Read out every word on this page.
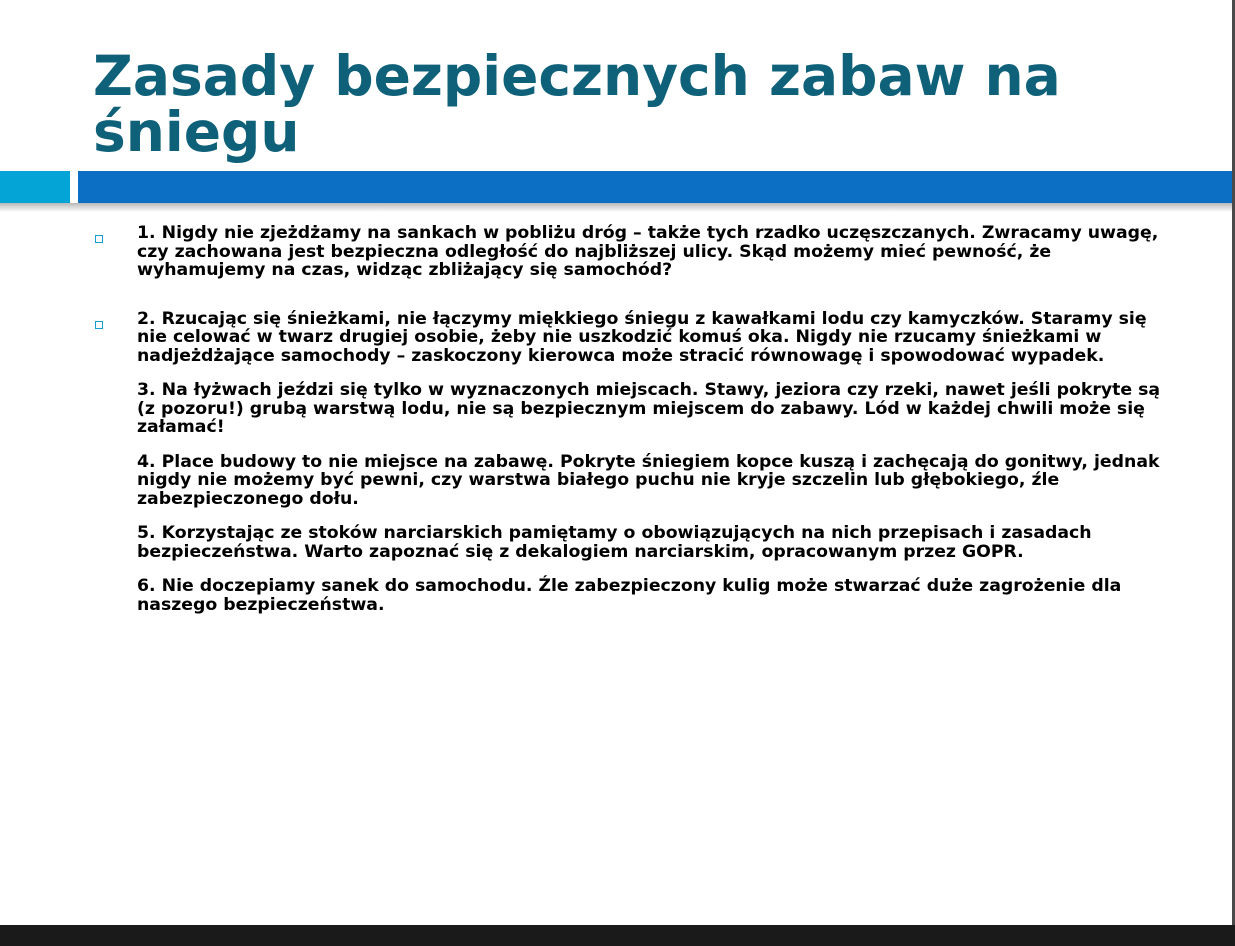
Zasady bezpiecznych zabaw na śniegu
1. Nigdy nie zjeżdżamy na sankach w pobliżu dróg – także tych rzadko uczęszczanych. Zwracamy uwagę, czy zachowana jest bezpieczna odległość do najbliższej ulicy. Skąd możemy mieć pewność, że wyhamujemy na czas, widząc zbliżający się samochód?
2. Rzucając się śnieżkami, nie łączymy miękkiego śniegu z kawałkami lodu czy kamyczków. Staramy się nie celować w twarz drugiej osobie, żeby nie uszkodzić komuś oka. Nigdy nie rzucamy śnieżkami w nadjeżdżające samochody – zaskoczony kierowca może stracić równowagę i spowodować wypadek.
3. Na łyżwach jeździ się tylko w wyznaczonych miejscach. Stawy, jeziora czy rzeki, nawet jeśli pokryte są (z pozoru!) grubą warstwą lodu, nie są bezpiecznym miejscem do zabawy. Lód w każdej chwili może się załamać!
4. Place budowy to nie miejsce na zabawę. Pokryte śniegiem kopce kuszą i zachęcają do gonitwy, jednak nigdy nie możemy być pewni, czy warstwa białego puchu nie kryje szczelin lub głębokiego, źle zabezpieczonego dołu.
5. Korzystając ze stoków narciarskich pamiętamy o obowiązujących na nich przepisach i zasadach bezpieczeństwa. Warto zapoznać się z dekalogiem narciarskim, opracowanym przez GOPR.
6. Nie doczepiamy sanek do samochodu. Źle zabezpieczony kulig może stwarzać duże zagrożenie dla naszego bezpieczeństwa.
